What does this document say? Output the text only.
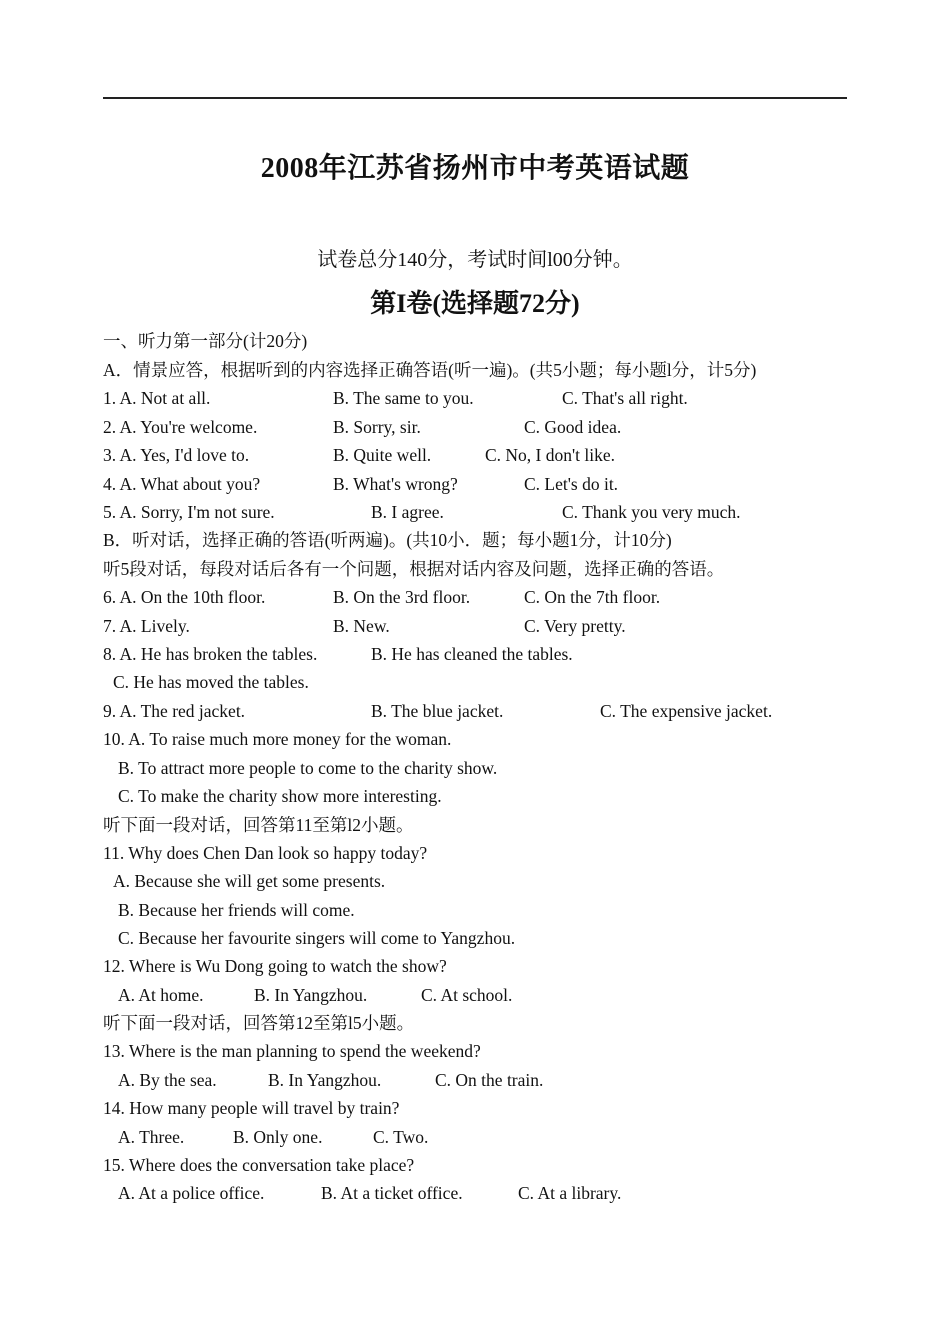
2008年江苏省扬州市中考英语试题
试卷总分140分，考试时间l00分钟。
第I卷(选择题72分)
一、听力第一部分(计20分)
A．情景应答，根据听到的内容选择正确答语(听一遍)。(共5小题；每小题l分，计5分)
1. A. Not at all.	B. The same to you.	C. That's all right.
2. A. You're welcome.	B. Sorry, sir.	C. Good idea.
3. A. Yes, I'd love to.	B. Quite well.	C. No, I don't like.
4. A. What about you?	B. What's wrong?	C. Let's do it.
5. A. Sorry, I'm not sure.	B. I agree.	C. Thank you very much.
B．听对话，选择正确的答语(听两遍)。(共10小．题；每小题1分，计10分)
听5段对话，每段对话后各有一个问题，根据对话内容及问题，选择正确的答语。
6. A. On the 10th floor.	B. On the 3rd floor.	C. On the 7th floor.
7. A. Lively.	B. New.	C. Very pretty.
8. A. He has broken the tables.	B. He has cleaned the tables.
C. He has moved the tables.
9. A. The red jacket.	B. The blue jacket.	C. The expensive jacket.
10. A. To raise much more money for the woman.
B. To attract more people to come to the charity show.
C. To make the charity show more interesting.
听下面一段对话，回答第11至第l2小题。
11. Why does Chen Dan look so happy today?
A. Because she will get some presents.
B. Because her friends will come.
C. Because her favourite singers will come to Yangzhou.
12. Where is Wu Dong going to watch the show?
A. At home.	B. In Yangzhou.	C. At school.
听下面一段对话，回答第12至第l5小题。
13. Where is the man planning to spend the weekend?
A. By the sea.	B. In Yangzhou.	C. On the train.
14. How many people will travel by train?
A. Three.	B. Only one.	C. Two.
15. Where does the conversation take place?
A. At a police office.	B. At a ticket office.	C. At a library.
